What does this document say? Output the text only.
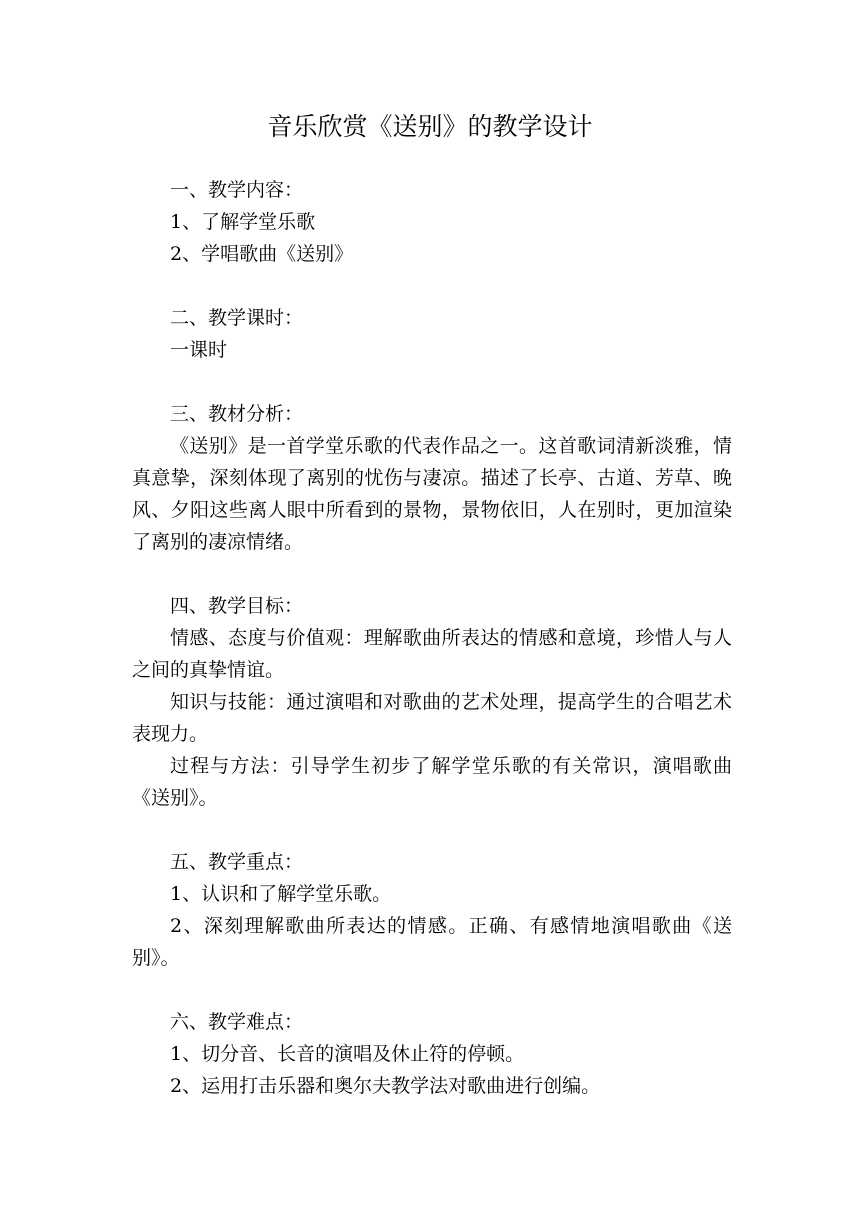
音乐欣赏《送别》的教学设计

一、教学内容：

1、了解学堂乐歌

2、学唱歌曲《送别》

二、教学课时：

一课时

三、教材分析：

《送别》是一首学堂乐歌的代表作品之一。这首歌词清新淡雅，情真意挚，深刻体现了离别的忧伤与凄凉。描述了长亭、古道、芳草、晚风、夕阳这些离人眼中所看到的景物，景物依旧，人在别时，更加渲染了离别的凄凉情绪。

四、教学目标：

情感、态度与价值观：理解歌曲所表达的情感和意境，珍惜人与人之间的真挚情谊。

知识与技能：通过演唱和对歌曲的艺术处理，提高学生的合唱艺术表现力。

过程与方法：引导学生初步了解学堂乐歌的有关常识，演唱歌曲《送别》。

五、教学重点：

1、认识和了解学堂乐歌。

2、深刻理解歌曲所表达的情感。正确、有感情地演唱歌曲《送别》。

六、教学难点：

1、切分音、长音的演唱及休止符的停顿。

2、运用打击乐器和奥尔夫教学法对歌曲进行创编。
